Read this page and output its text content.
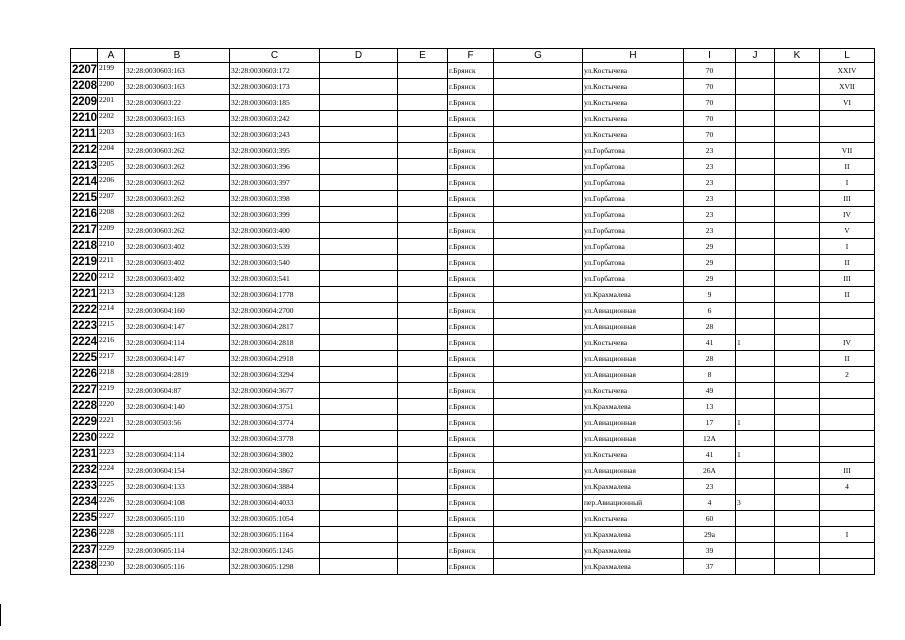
	A	B	C	D	E	F	G	H	I	J	K	L
2207	2199	32:28:0030603:163	32:28:0030603:172			г.Брянск		ул.Костычева	70			XXIV
2208	2200	32:28:0030603:163	32:28:0030603:173			г.Брянск		ул.Костычева	70			XVII
2209	2201	32:28:0030603:22	32:28:0030603:185			г.Брянск		ул.Костычева	70			VI
2210	2202	32:28:0030603:163	32:28:0030603:242			г.Брянск		ул.Костычева	70			
2211	2203	32:28:0030603:163	32:28:0030603:243			г.Брянск		ул.Костычева	70			
2212	2204	32:28:0030603:262	32:28:0030603:395			г.Брянск		ул.Горбатова	23			VII
2213	2205	32:28:0030603:262	32:28:0030603:396			г.Брянск		ул.Горбатова	23			II
2214	2206	32:28:0030603:262	32:28:0030603:397			г.Брянск		ул.Горбатова	23			I
2215	2207	32:28:0030603:262	32:28:0030603:398			г.Брянск		ул.Горбатова	23			III
2216	2208	32:28:0030603:262	32:28:0030603:399			г.Брянск		ул.Горбатова	23			IV
2217	2209	32:28:0030603:262	32:28:0030603:400			г.Брянск		ул.Горбатова	23			V
2218	2210	32:28:0030603:402	32:28:0030603:539			г.Брянск		ул.Горбатова	29			I
2219	2211	32:28:0030603:402	32:28:0030603:540			г.Брянск		ул.Горбатова	29			II
2220	2212	32:28:0030603:402	32:28:0030603:541			г.Брянск		ул.Горбатова	29			III
2221	2213	32:28:0030604:128	32:28:0030604:1778			г.Брянск		ул.Крахмалева	9			II
2222	2214	32:28:0030604:160	32:28:0030604:2700			г.Брянск		ул.Авиационная	6			
2223	2215	32:28:0030604:147	32:28:0030604:2817			г.Брянск		ул.Авиационная	28			
2224	2216	32:28:0030604:114	32:28:0030604:2818			г.Брянск		ул.Костычева	41	1		IV
2225	2217	32:28:0030604:147	32:28:0030604:2918			г.Брянск		ул.Авиационная	28			II
2226	2218	32:28:0030604:2819	32:28:0030604:3294			г.Брянск		ул.Авиационная	8			2
2227	2219	32:28:0030604:87	32:28:0030604:3677			г.Брянск		ул.Костычева	49			
2228	2220	32:28:0030604:140	32:28:0030604:3751			г.Брянск		ул.Крахмалева	13			
2229	2221	32:28:0030503:56	32:28:0030604:3774			г.Брянск		ул.Авиационная	17	1		
2230	2222		32:28:0030604:3778			г.Брянск		ул.Авиационная	12А			
2231	2223	32:28:0030604:114	32:28:0030604:3802			г.Брянск		ул.Костычева	41	1		
2232	2224	32:28:0030604:154	32:28:0030604:3867			г.Брянск		ул.Авиационная	26А			III
2233	2225	32:28:0030604:133	32:28:0030604:3884			г.Брянск		ул.Крахмалева	23			4
2234	2226	32:28:0030604:108	32:28:0030604:4033			г.Брянск		пер.Авиационный	4	3		
2235	2227	32:28:0030605:110	32:28:0030605:1054			г.Брянск		ул.Костычева	60			
2236	2228	32:28:0030605:111	32:28:0030605:1164			г.Брянск		ул.Крахмалева	29а			I
2237	2229	32:28:0030605:114	32:28:0030605:1245			г.Брянск		ул.Крахмалева	39			
2238	2230	32:28:0030605:116	32:28:0030605:1298			г.Брянск		ул.Крахмалева	37			
